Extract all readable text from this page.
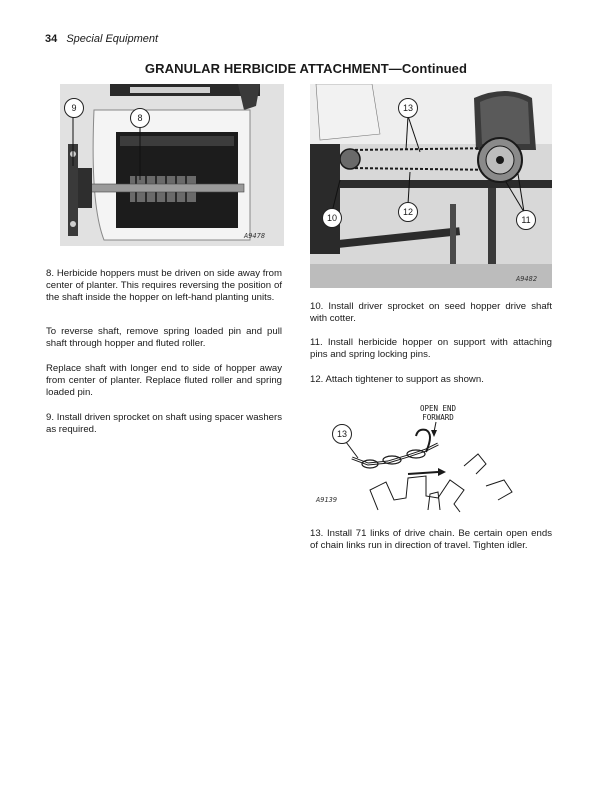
34 Special Equipment
GRANULAR HERBICIDE ATTACHMENT—Continued
9
8
A9478
13
10
12
11
A9482

8. Herbicide hoppers must be driven on side away from center of planter. This requires reversing the position of the shaft inside the hopper on left-hand planting units.

To reverse shaft, remove spring loaded pin and pull shaft through hopper and fluted roller.

Replace shaft with longer end to side of hopper away from center of planter. Replace fluted roller and spring loaded pin.

9. Install driven sprocket on shaft using spacer washers as required.

10. Install driver sprocket on seed hopper drive shaft with cotter.

11. Install herbicide hopper on support with attaching pins and spring locking pins.

12. Attach tightener to support as shown.

OPEN END
FORWARD
13
A9139

13. Install 71 links of drive chain. Be certain open ends of chain links run in direction of travel. Tighten idler.
